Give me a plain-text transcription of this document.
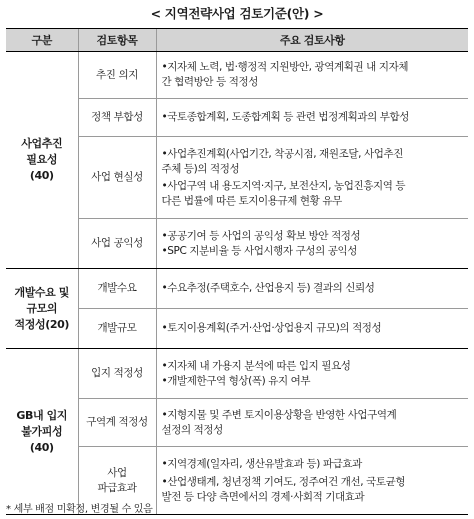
< 지역전략사업 검토기준(안) >
구분	검토항목	주요 검토사항

사업추진
필요성
(40)	추진 의지	•지자체 노력, 법·행정적 지원방안, 광역계획권 내 지자체
간 협력방안 등 적정성

	정책 부합성	•국토종합계획, 도종합계획 등 관련 법정계획과의 부합성

	사업 현실성	•사업추진계획(사업기간, 착공시점, 재원조달, 사업추진
주체 등)의 적정성
•사업구역 내 용도지역·지구, 보전산지, 농업진흥지역 등
다른 법률에 따른 토지이용규제 현황 유무

	사업 공익성	•공공기여 등 사업의 공익성 확보 방안 적정성
•SPC 지분비율 등 사업시행자 구성의 공익성

개발수요 및
규모의
적정성(20)	개발수요	•수요추정(주택호수, 산업용지 등) 결과의 신뢰성

	개발규모	•토지이용계획(주거·산업·상업용지 규모)의 적정성

GB내 입지
불가피성
(40)	입지 적정성	•지자체 내 가용지 분석에 따른 입지 필요성
•개발제한구역 형상(폭) 유지 여부

	구역계 적정성	•지형지물 및 주변 토지이용상황을 반영한 사업구역계
설정의 적정성

	사업
파급효과	•지역경제(일자리, 생산유발효과 등) 파급효과
•산업생태계, 청년정책 기여도, 정주여건 개선, 국토균형
발전 등 다양 측면에서의 경제·사회적 기대효과
* 세부 배점 미확정, 변경될 수 있음
